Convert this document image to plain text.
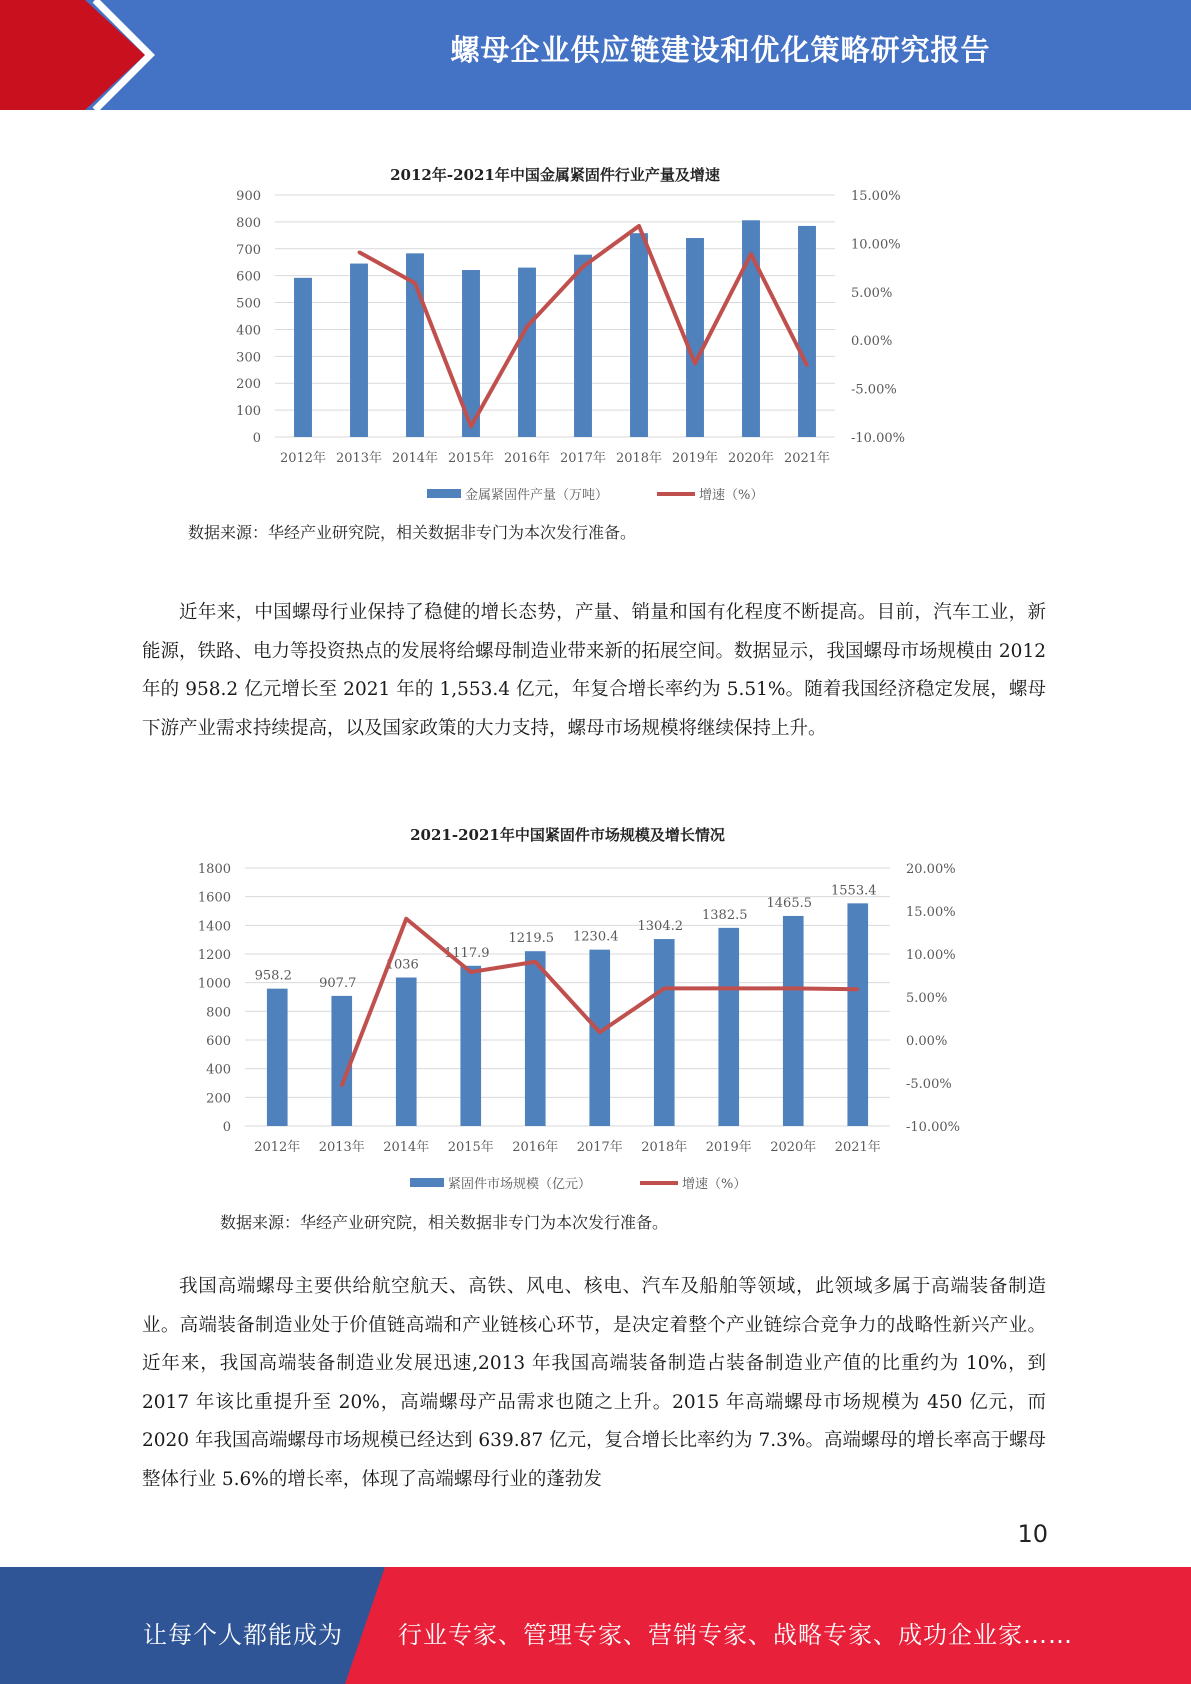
螺母企业供应链建设和优化策略研究报告
2012年-2021年中国金属紧固件行业产量及增速
0
100
200
300
400
500
600
700
800
900
-10.00%
-5.00%
0.00%
5.00%
10.00%
15.00%
2012年 2013年 2014年 2015年 2016年 2017年 2018年 2019年 2020年 2021年
金属紧固件产量（万吨）	增速（%）
数据来源：华经产业研究院，相关数据非专门为本次发行准备。

近年来，中国螺母行业保持了稳健的增长态势，产量、销量和国有化程度不断提高。目前，汽车工业，新能源，铁路、电力等投资热点的发展将给螺母制造业带来新的拓展空间。数据显示，我国螺母市场规模由 2012 年的 958.2 亿元增长至 2021 年的 1,553.4 亿元，年复合增长率约为 5.51%。随着我国经济稳定发展，螺母下游产业需求持续提高，以及国家政策的大力支持，螺母市场规模将继续保持上升。

2021-2021年中国紧固件市场规模及增长情况
0
200
400
600
800
1000
1200
1400
1600
1800
-10.00%
-5.00%
0.00%
5.00%
10.00%
15.00%
20.00%
958.2 907.7
1036
1117.9
1219.5 1230.4
1304.2
1382.5
1465.5
1553.4
2012年 2013年 2014年 2015年 2016年 2017年 2018年 2019年 2020年 2021年
紧固件市场规模（亿元）	增速（%）
数据来源：华经产业研究院，相关数据非专门为本次发行准备。

我国高端螺母主要供给航空航天、高铁、风电、核电、汽车及船舶等领域，此领域多属于高端装备制造业。高端装备制造业处于价值链高端和产业链核心环节，是决定着整个产业链综合竞争力的战略性新兴产业。近年来，我国高端装备制造业发展迅速,2013 年我国高端装备制造占装备制造业产值的比重约为 10%，到 2017 年该比重提升至 20%，高端螺母产品需求也随之上升。2015 年高端螺母市场规模为 450 亿元，而 2020 年我国高端螺母市场规模已经达到 639.87 亿元，复合增长比率约为 7.3%。高端螺母的增长率高于螺母整体行业 5.6%的增长率，体现了高端螺母行业的蓬勃发

10
让每个人都能成为 行业专家、管理专家、营销专家、战略专家、成功企业家……
